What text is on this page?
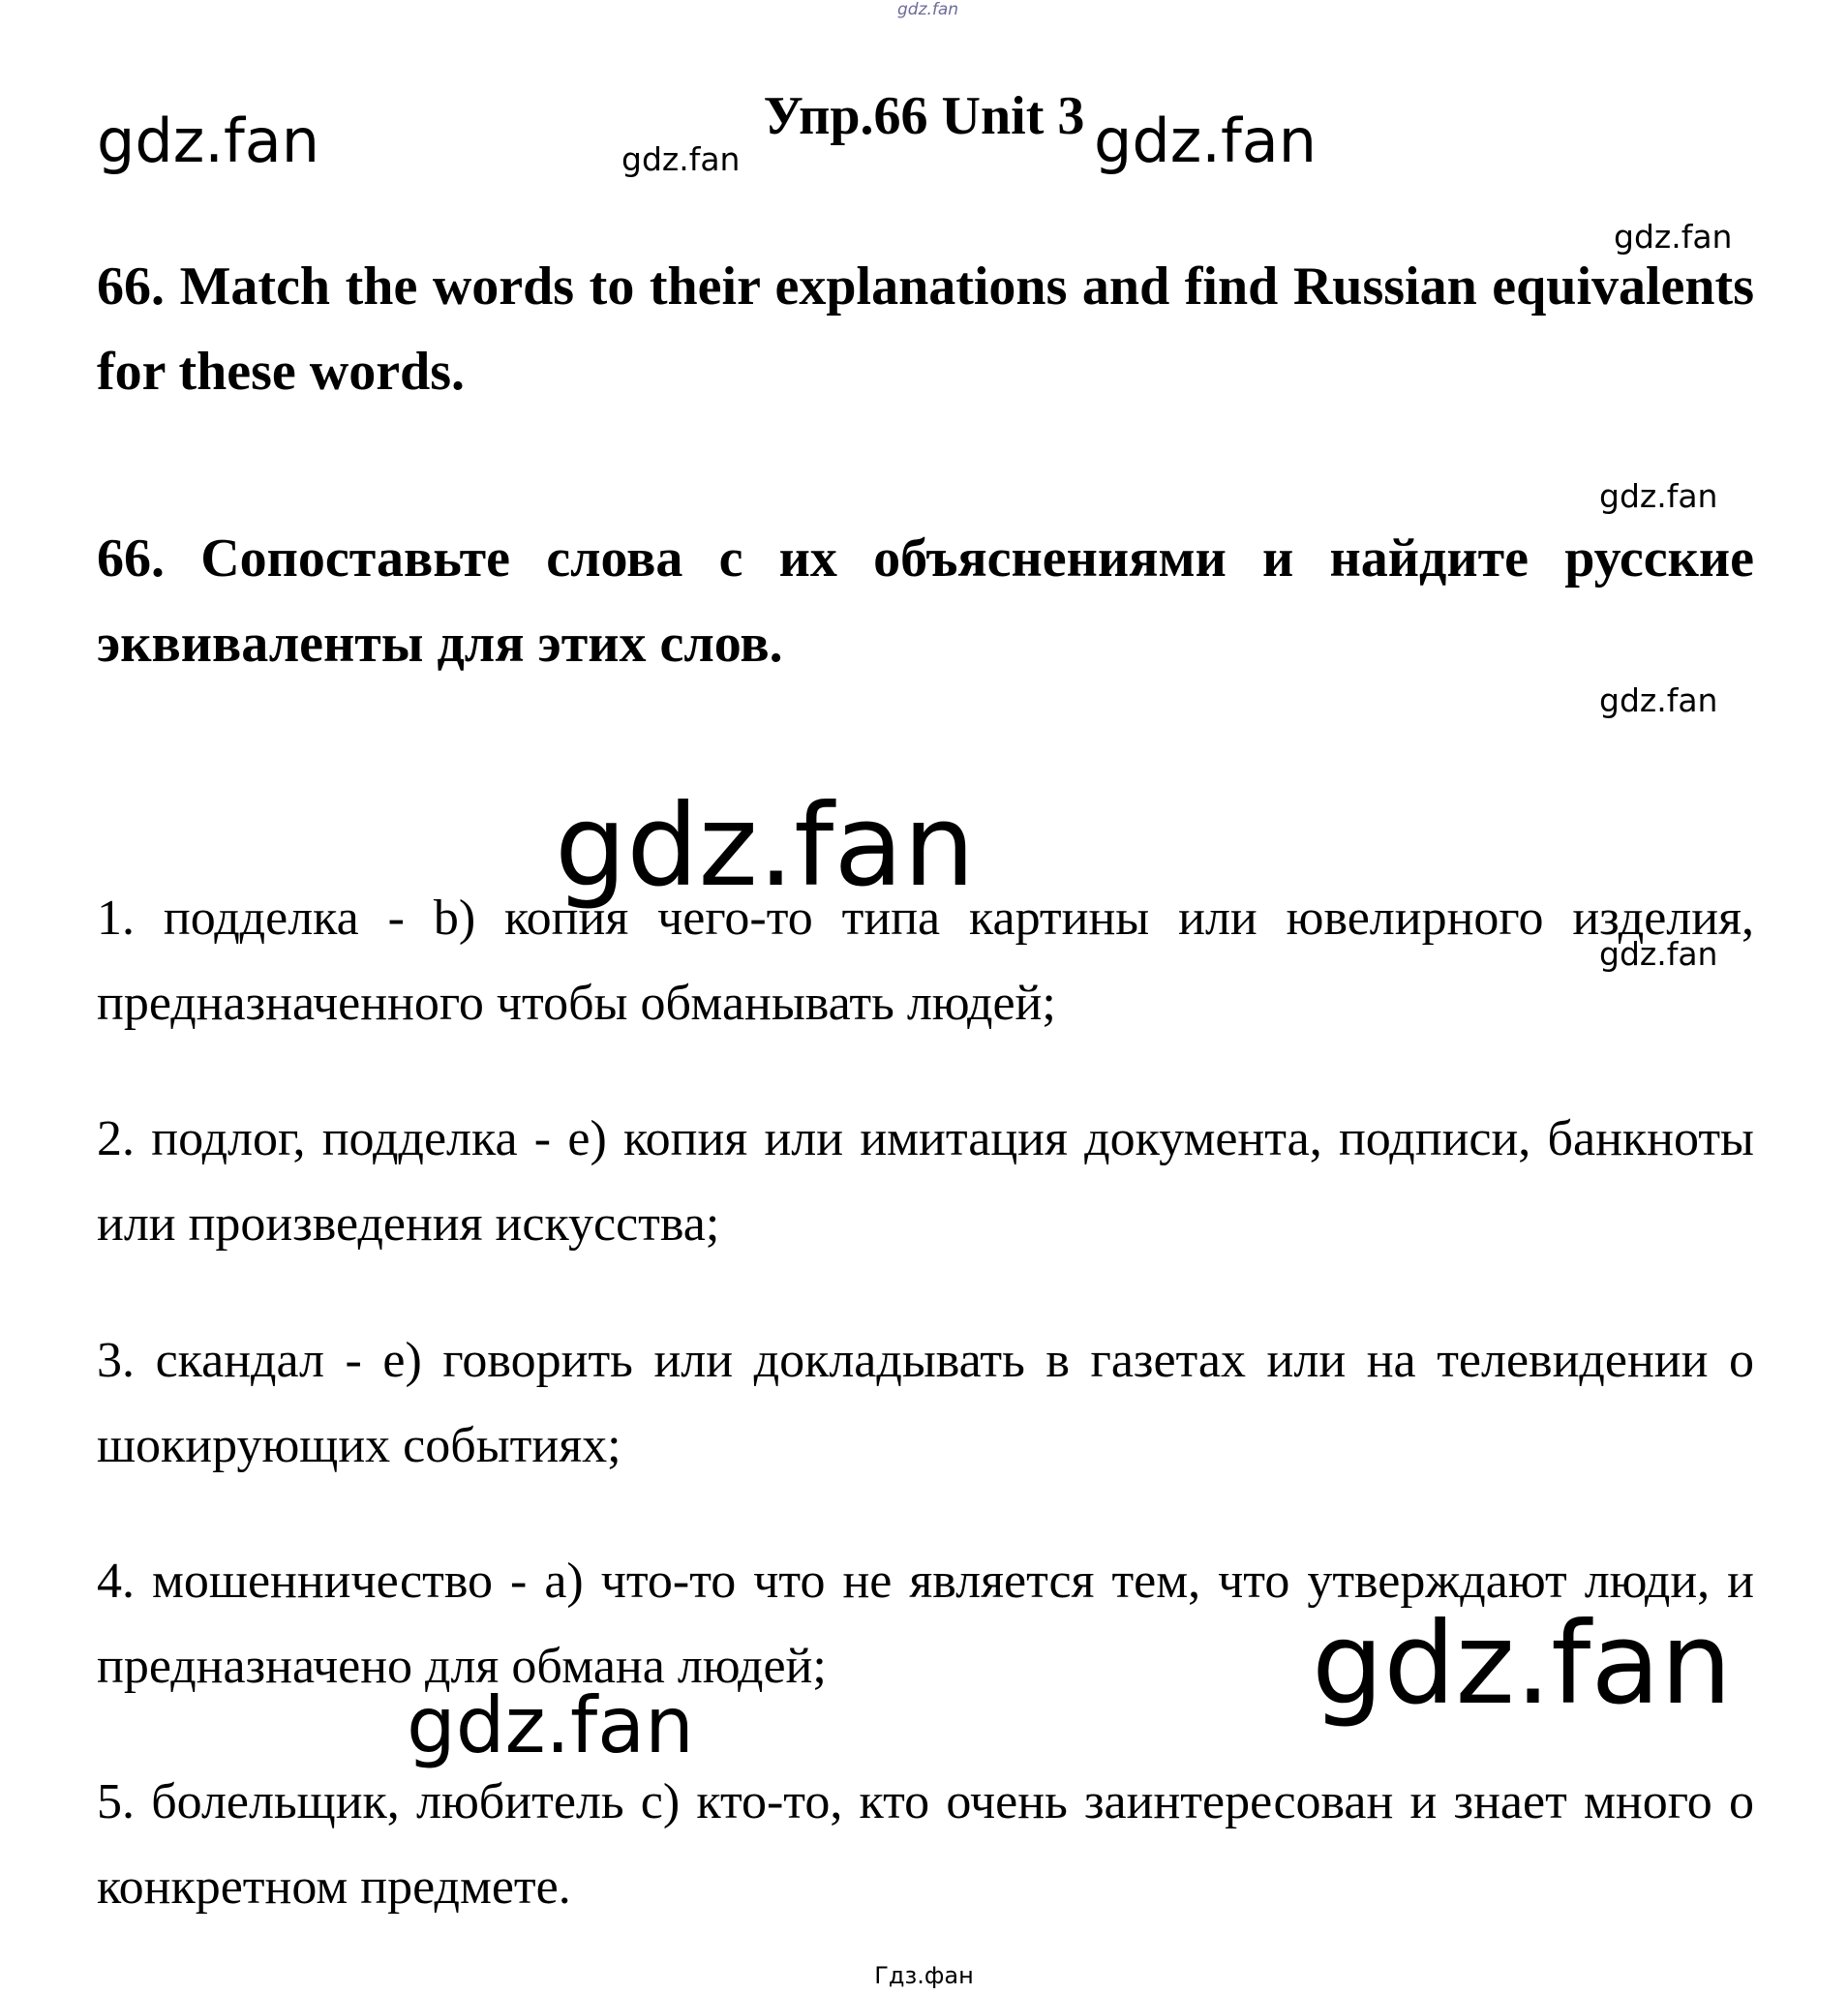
gdz.fan
Упр.66 Unit 3
gdz.fan	gdz.fan	gdz.fan
gdz.fan
66. Match the words to their explanations and find Russian equivalents for these words.
gdz.fan
66. Сопоставьте слова с их объяснениями и найдите русские эквиваленты для этих слов.
gdz.fan
gdz.fan
1. подделка - b) копия чего-то типа картины или ювелирного изделия, предназначенного чтобы обманывать людей;
gdz.fan
2. подлог, подделка - e) копия или имитация документа, подписи, банкноты или произведения искусства;
3. скандал - e) говорить или докладывать в газетах или на телевидении о шокирующих событиях;
4. мошенничество - a) что-то что не является тем, что утверждают люди, и предназначено для обмана людей;	gdz.fan
gdz.fan
5. болельщик, любитель c) кто-то, кто очень заинтересован и знает много о конкретном предмете.
Гдз.фан
